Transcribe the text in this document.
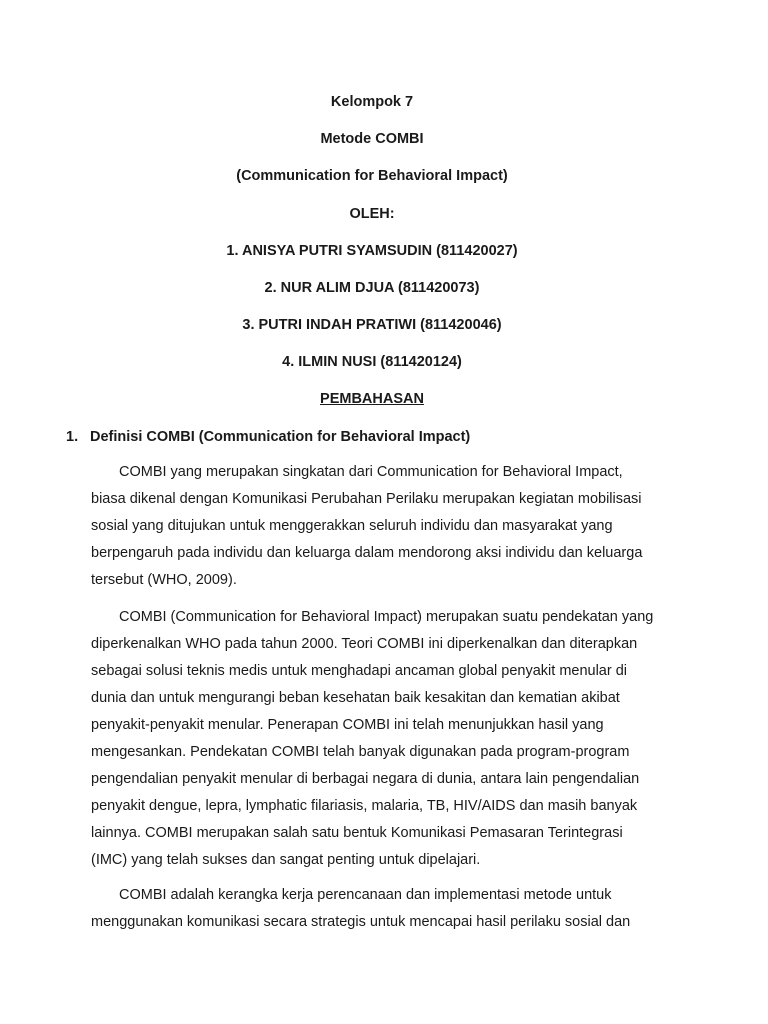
Kelompok 7
Metode COMBI
(Communication for Behavioral Impact)
OLEH:
1. ANISYA PUTRI SYAMSUDIN (811420027)
2. NUR ALIM DJUA (811420073)
3. PUTRI INDAH PRATIWI (811420046)
4. ILMIN NUSI (811420124)
PEMBAHASAN
1. Definisi COMBI (Communication for Behavioral Impact)
COMBI yang merupakan singkatan dari Communication for Behavioral Impact,
biasa dikenal dengan Komunikasi Perubahan Perilaku merupakan kegiatan mobilisasi
sosial yang ditujukan untuk menggerakkan seluruh individu dan masyarakat yang
berpengaruh pada individu dan keluarga dalam mendorong aksi individu dan keluarga
tersebut (WHO, 2009).
COMBI (Communication for Behavioral Impact) merupakan suatu pendekatan yang
diperkenalkan WHO pada tahun 2000. Teori COMBI ini diperkenalkan dan diterapkan
sebagai solusi teknis medis untuk menghadapi ancaman global penyakit menular di
dunia dan untuk mengurangi beban kesehatan baik kesakitan dan kematian akibat
penyakit-penyakit menular. Penerapan COMBI ini telah menunjukkan hasil yang
mengesankan. Pendekatan COMBI telah banyak digunakan pada program-program
pengendalian penyakit menular di berbagai negara di dunia, antara lain pengendalian
penyakit dengue, lepra, lymphatic filariasis, malaria, TB, HIV/AIDS dan masih banyak
lainnya. COMBI merupakan salah satu bentuk Komunikasi Pemasaran Terintegrasi
(IMC) yang telah sukses dan sangat penting untuk dipelajari.
COMBI adalah kerangka kerja perencanaan dan implementasi metode untuk
menggunakan komunikasi secara strategis untuk mencapai hasil perilaku sosial dan
